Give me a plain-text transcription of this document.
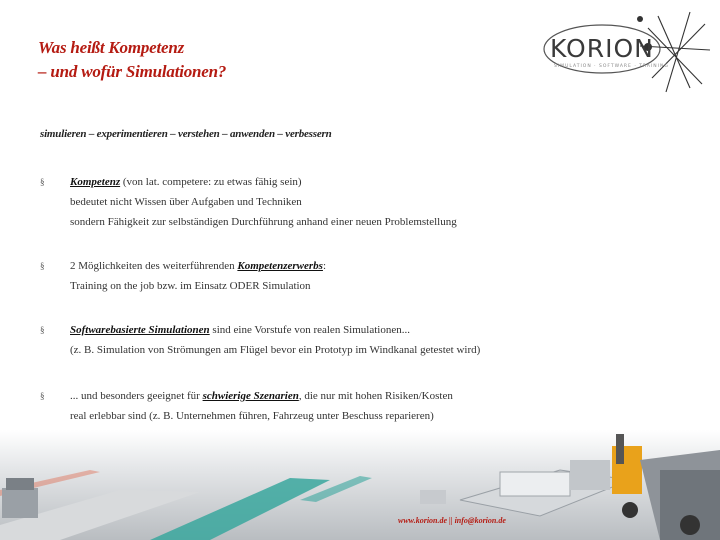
Was heißt Kompetenz
– und wofür Simulationen?
KORION
SIMULATION · SOFTWARE · TRAINING
simulieren – experimentieren – verstehen – anwenden – verbessern
§ Kompetenz (von lat. competere: zu etwas fähig sein)
bedeutet nicht Wissen über Aufgaben und Techniken
sondern Fähigkeit zur selbständigen Durchführung anhand einer neuen Problemstellung
§ 2 Möglichkeiten des weiterführenden Kompetenzerwerbs:
Training on the job bzw. im Einsatz ODER Simulation
§ Softwarebasierte Simulationen sind eine Vorstufe von realen Simulationen...
(z. B. Simulation von Strömungen am Flügel bevor ein Prototyp im Windkanal getestet wird)
§ ... und besonders geeignet für schwierige Szenarien, die nur mit hohen Risiken/Kosten
real erlebbar sind (z. B. Unternehmen führen, Fahrzeug unter Beschuss reparieren)
www.korion.de || info@korion.de
